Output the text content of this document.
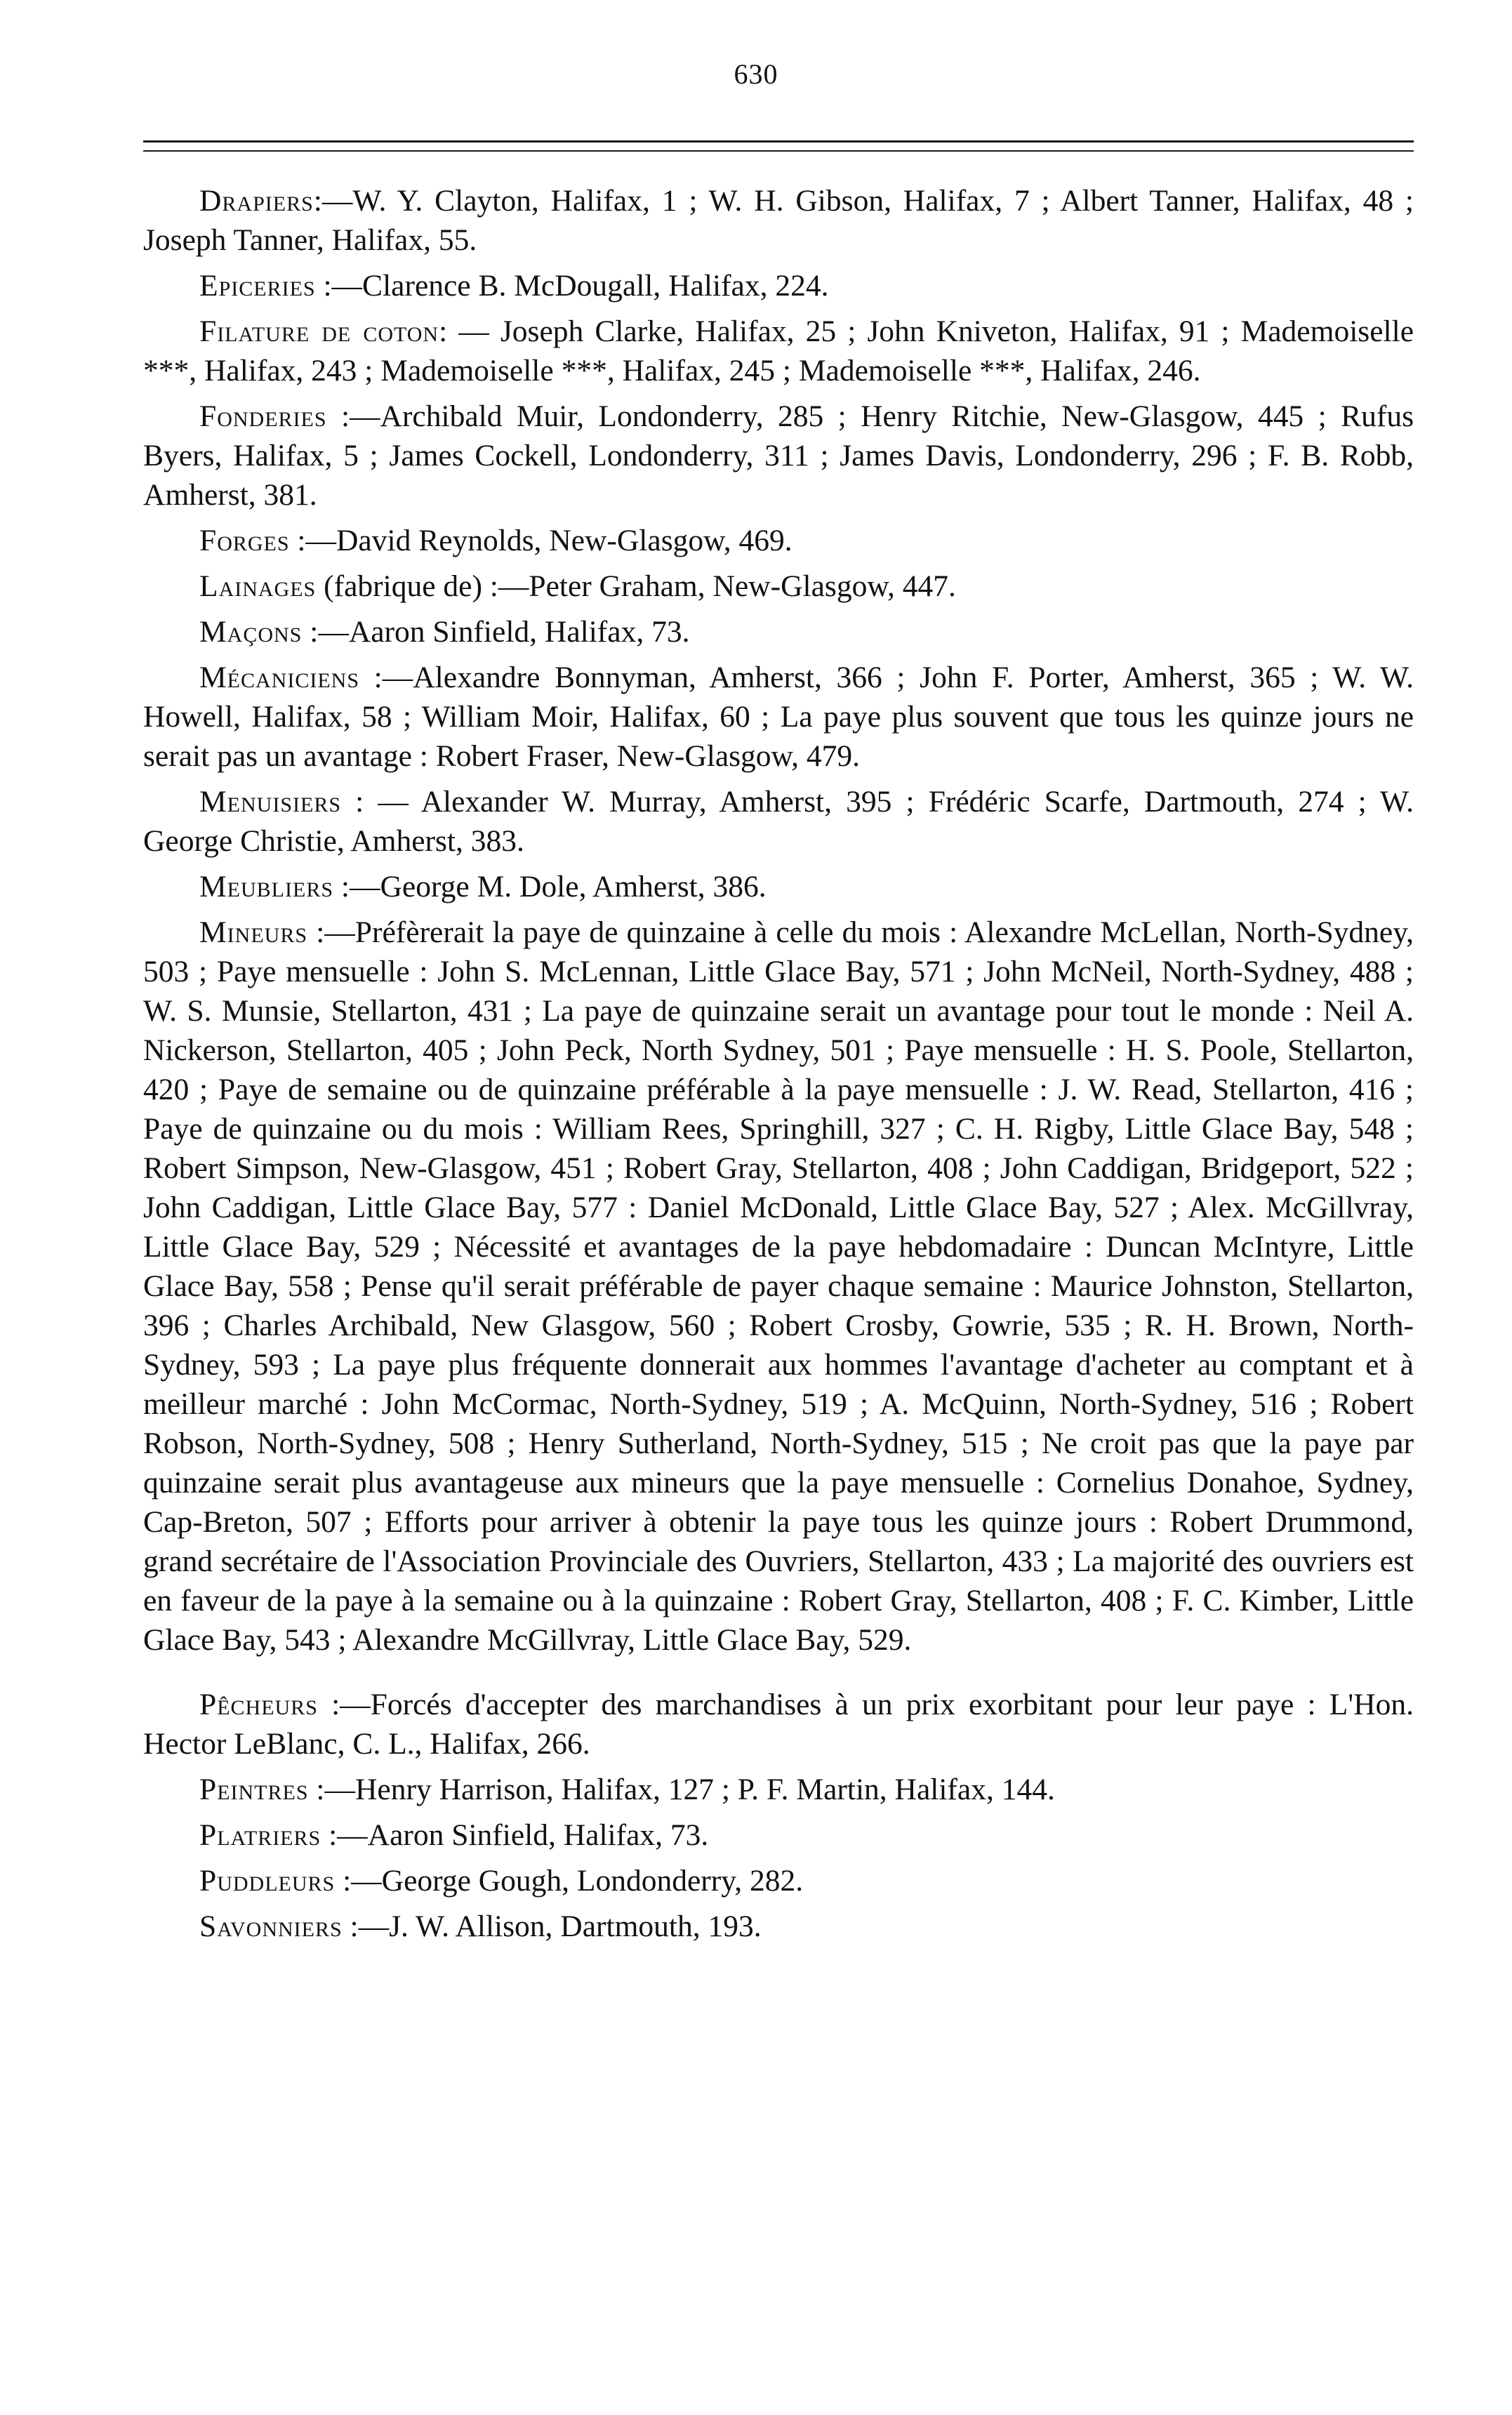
630

Drapiers:—W. Y. Clayton, Halifax, 1 ; W. H. Gibson, Halifax, 7 ; Albert Tanner, Halifax, 48 ; Joseph Tanner, Halifax, 55.

Epiceries :—Clarence B. McDougall, Halifax, 224.

Filature de coton: — Joseph Clarke, Halifax, 25 ; John Kniveton, Halifax, 91 ; Mademoiselle ***, Halifax, 243 ; Mademoiselle ***, Halifax, 245 ; Mademoiselle ***, Halifax, 246.

Fonderies :—Archibald Muir, Londonderry, 285 ; Henry Ritchie, New-Glasgow, 445 ; Rufus Byers, Halifax, 5 ; James Cockell, Londonderry, 311 ; James Davis, Londonderry, 296 ; F. B. Robb, Amherst, 381.

Forges :—David Reynolds, New-Glasgow, 469.

Lainages (fabrique de) :—Peter Graham, New-Glasgow, 447.

Maçons :—Aaron Sinfield, Halifax, 73.

Mécaniciens :—Alexandre Bonnyman, Amherst, 366 ; John F. Porter, Amherst, 365 ; W. W. Howell, Halifax, 58 ; William Moir, Halifax, 60 ; La paye plus souvent que tous les quinze jours ne serait pas un avantage : Robert Fraser, New-Glasgow, 479.

Menuisiers : — Alexander W. Murray, Amherst, 395 ; Frédéric Scarfe, Dartmouth, 274 ; W. George Christie, Amherst, 383.

Meubliers :—George M. Dole, Amherst, 386.

Mineurs :—Préfèrerait la paye de quinzaine à celle du mois : Alexandre McLellan, North-Sydney, 503 ; Paye mensuelle : John S. McLennan, Little Glace Bay, 571 ; John McNeil, North-Sydney, 488 ; W. S. Munsie, Stellarton, 431 ; La paye de quinzaine serait un avantage pour tout le monde : Neil A. Nickerson, Stellarton, 405 ; John Peck, North Sydney, 501 ; Paye mensuelle : H. S. Poole, Stellarton, 420 ; Paye de semaine ou de quinzaine préférable à la paye mensuelle : J. W. Read, Stellarton, 416 ; Paye de quinzaine ou du mois : William Rees, Springhill, 327 ; C. H. Rigby, Little Glace Bay, 548 ; Robert Simpson, New-Glasgow, 451 ; Robert Gray, Stellarton, 408 ; John Caddigan, Bridgeport, 522 ; John Caddigan, Little Glace Bay, 577 : Daniel McDonald, Little Glace Bay, 527 ; Alex. McGillvray, Little Glace Bay, 529 ; Nécessité et avantages de la paye hebdomadaire : Duncan McIntyre, Little Glace Bay, 558 ; Pense qu'il serait préférable de payer chaque semaine : Maurice Johnston, Stellarton, 396 ; Charles Archibald, New Glasgow, 560 ; Robert Crosby, Gowrie, 535 ; R. H. Brown, North-Sydney, 593 ; La paye plus fréquente donnerait aux hommes l'avantage d'acheter au comptant et à meilleur marché : John McCormac, North-Sydney, 519 ; A. McQuinn, North-Sydney, 516 ; Robert Robson, North-Sydney, 508 ; Henry Sutherland, North-Sydney, 515 ; Ne croit pas que la paye par quinzaine serait plus avantageuse aux mineurs que la paye mensuelle : Cornelius Donahoe, Sydney, Cap-Breton, 507 ; Efforts pour arriver à obtenir la paye tous les quinze jours : Robert Drummond, grand secrétaire de l'Association Provinciale des Ouvriers, Stellarton, 433 ; La majorité des ouvriers est en faveur de la paye à la semaine ou à la quinzaine : Robert Gray, Stellarton, 408 ; F. C. Kimber, Little Glace Bay, 543 ; Alexandre McGillvray, Little Glace Bay, 529.

Pêcheurs :—Forcés d'accepter des marchandises à un prix exorbitant pour leur paye : L'Hon. Hector LeBlanc, C. L., Halifax, 266.

Peintres :—Henry Harrison, Halifax, 127 ; P. F. Martin, Halifax, 144.

Platriers :—Aaron Sinfield, Halifax, 73.

Puddleurs :—George Gough, Londonderry, 282.

Savonniers :—J. W. Allison, Dartmouth, 193.
